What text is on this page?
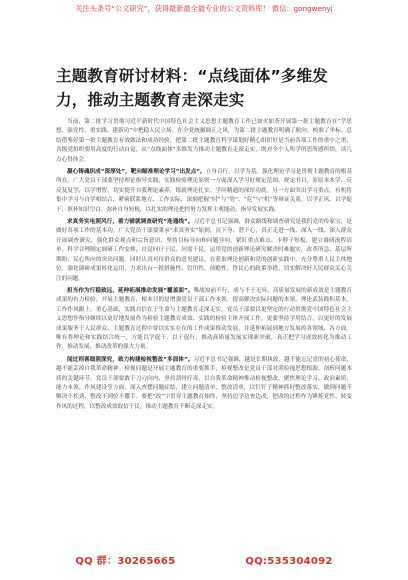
关注头条号“公文研究”，获得最新最全最专业的公文资料库！ 微信：gongwenyj
主题教育研讨材料：“点线面体”多维发力，推动主题教育走深走实

当前，第二批学习贯彻习近平新时代中国特色社会主义思想主题教育工作已如火如荼开展第一批主题教育在“学思想、强党性、重实践、建新功”中把稳人民立场。在全党统摄调正之风，为第二批主题教育明确了航向、校准了坐标。总结借鉴好第一批主题教育有效做法和成功经验，把第二批主题教育科学谋划好精心组织好是当前各项工作的重中之重，各级党组织要用高度的行动自觉，从“点线面体”多维发力推动主题教育走深走实，既对全个人所学所思所感所悟，谈几点心得体会。

凝心铸魂织成“深厚处”，靶向瞄准理论学习“出发点”。立身百行，以学为基。强化理论学习是贯彻主题教育的根基所在。广大党员干部要坚持理论指导实践，实践检验理论原则一方面深入学习好规定范围、规定书目，原原本本学、反反复复学，以学增智，切实提升自我理论素养，练就理论扎实、学问精通的深厚功底。另一方面突出学习重点，有机将集中学习与自学相结合，紧密联系地方、工作实际，深刻把握“时”与“势”、“危”与“机”等辩证关系，以学正风、以学促干，填补知识空白、弥补自身短板，以扎实的理论把控努力发挥主观能动，指导发展实践。

求真务实电照风行，着力铺就调查研究“连通线”。习近平总书记强调，群众路线和调查研究是我们党的传家宝，是做好各项工作的基本功。广大党员干部要秉承“求真务实”原则，沉下身、潜下心，真正走进一线、深入一线、深入群众开展调查研究，强化群众观点和宗旨意识，坚持目标导向和问题导向，紧盯重点难点、卡脖子短板，建立调研流程清单、科学合理制定调研工作安排，自觉问计于民、问需于民，运用党的创新理论研究解决时难题实，改革所急、基层所期盼、民心所向的突出问题。同时认真对待群众的意见建议，在获取理论创新和党的创新实践中，充分尊重人民主体地位，强化调研成果转化运用，力求出台一批措施性、管用性、前瞻性、得民心的政策举措，切实解决好人民群众关心关注的问题。

担当作为行稳致远，延伸拓展推动发展“覆盖面”。唯战知前不行，成与不于无异。高质量发展的新成效是主题教育成果的有力检验，开展主题教育，根本目的是增强党员干部工作本领，提高解决实际问题的本领，理论武装践积基本，工作作风跟上，重心基础，实践自信在于生命与主题教育走深走实，党员干部要以更坚定的行动贯彻党中国特色社会主义思想作指导继续以更好地发展作为检验主题教育成效、实践的检验主体开展工作，更要坚持学用结合，以更好的发展成果服务于人民群众。主题教育过程中要以实实在在的工作成果推动发展，并延伸拓展到地方发展的各领域、各方面。唯有将理论和实践结合统一，方能以学促干、以干促行，推动高质量发展实现新突破，真正把学习成效转化为推动工作、推动发展、推动改革的强大力量。

闻过则喜细照深究，致力构建检视整改“多面体”。习近平总书记强调，越是长期执政，越不能忘记党的初心使命，越不能丢掉自我革命精神。检视问题是开展主题教育的重要抓手，检视整改是党员干部对照检视思想根源、剖析问题本质的关键环节。党员干部要敢于刀刃向内、坚持刮骨疗毒，以自我革命精神推动检视整改，聚焦理论学习、政治素质、能力本领、作风建设等方面，深入查摆问题症结，建立问题清单、整改清单，以钉钉子精神抓好整改落实，做到问题不解决不松劲、整改不到位不撒手。要把“改”字贯穿主题教育始终，坚持边学边查边改，把改的过程作为锤炼党性、转变作风的过程，以整改成效取信于民，推动主题教育不断走深走实。

QQ 群：30265665	QQ:535304092
